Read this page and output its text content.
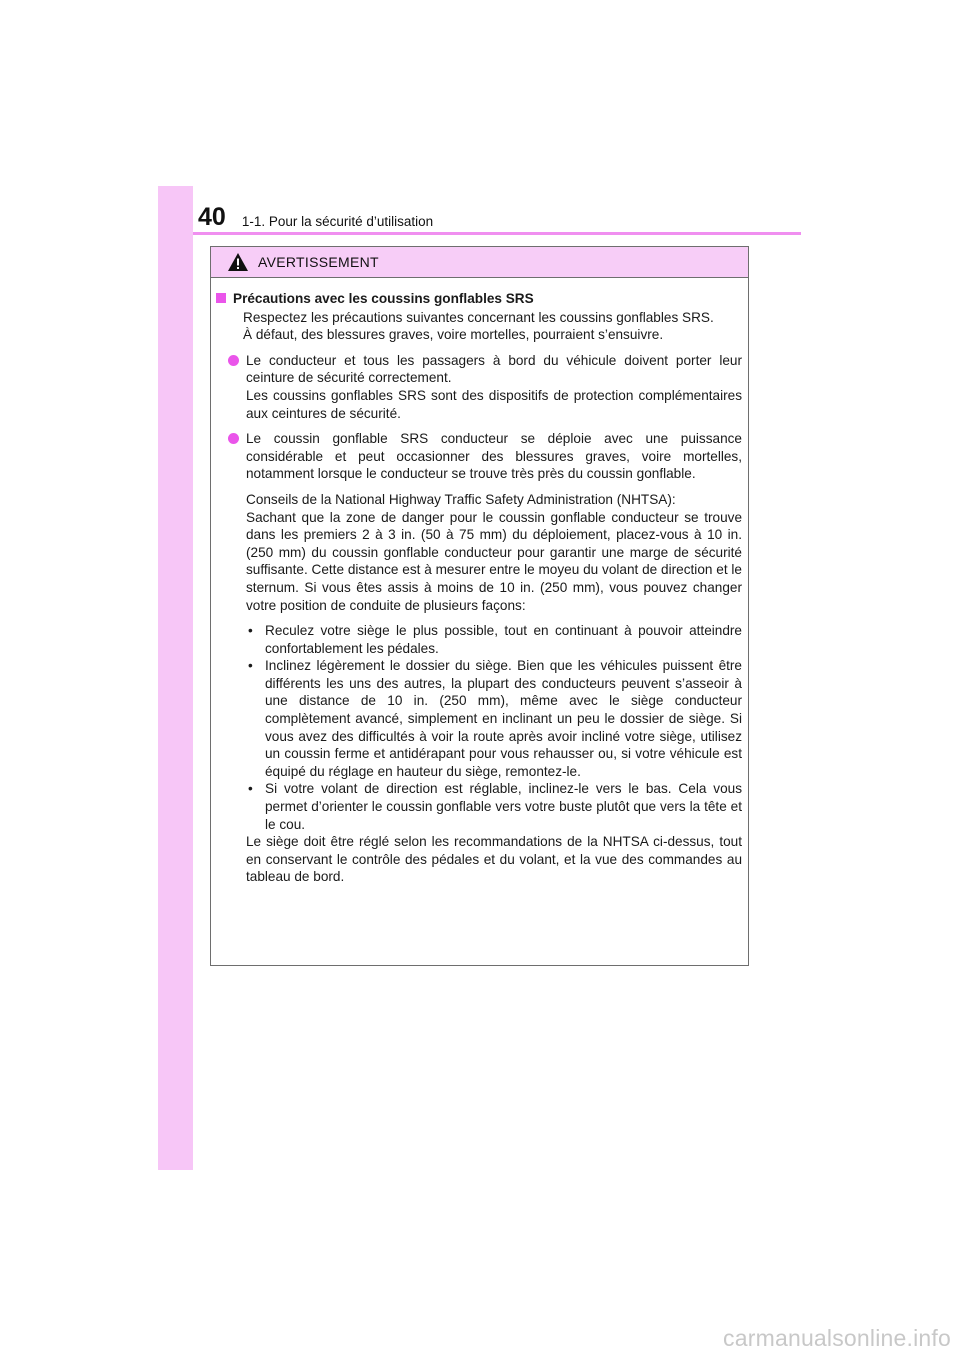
40 1-1. Pour la sécurité d’utilisation
AVERTISSEMENT
Précautions avec les coussins gonflables SRS

Respectez les précautions suivantes concernant les coussins gonflables SRS.

À défaut, des blessures graves, voire mortelles, pourraient s’ensuivre.

Le conducteur et tous les passagers à bord du véhicule doivent porter leur ceinture de sécurité correctement.

Les coussins gonflables SRS sont des dispositifs de protection complémentaires aux ceintures de sécurité.

Le coussin gonflable SRS conducteur se déploie avec une puissance considérable et peut occasionner des blessures graves, voire mortelles, notamment lorsque le conducteur se trouve très près du coussin gonflable.

Conseils de la National Highway Traffic Safety Administration (NHTSA):

Sachant que la zone de danger pour le coussin gonflable conducteur se trouve dans les premiers 2 à 3 in. (50 à 75 mm) du déploiement, placez-vous à 10 in. (250 mm) du coussin gonflable conducteur pour garantir une marge de sécurité suffisante. Cette distance est à mesurer entre le moyeu du volant de direction et le sternum. Si vous êtes assis à moins de 10 in. (250 mm), vous pouvez changer votre position de conduite de plusieurs façons:

• Reculez votre siège le plus possible, tout en continuant à pouvoir atteindre confortablement les pédales.
• Inclinez légèrement le dossier du siège. Bien que les véhicules puissent être différents les uns des autres, la plupart des conducteurs peuvent s’asseoir à une distance de 10 in. (250 mm), même avec le siège conducteur complètement avancé, simplement en inclinant un peu le dossier de siège. Si vous avez des difficultés à voir la route après avoir incliné votre siège, utilisez un coussin ferme et antidérapant pour vous rehausser ou, si votre véhicule est équipé du réglage en hauteur du siège, remontez-le.
• Si votre volant de direction est réglable, inclinez-le vers le bas. Cela vous permet d’orienter le coussin gonflable vers votre buste plutôt que vers la tête et le cou.

Le siège doit être réglé selon les recommandations de la NHTSA ci-dessus, tout en conservant le contrôle des pédales et du volant, et la vue des commandes au tableau de bord.

carmanualsonline.info
